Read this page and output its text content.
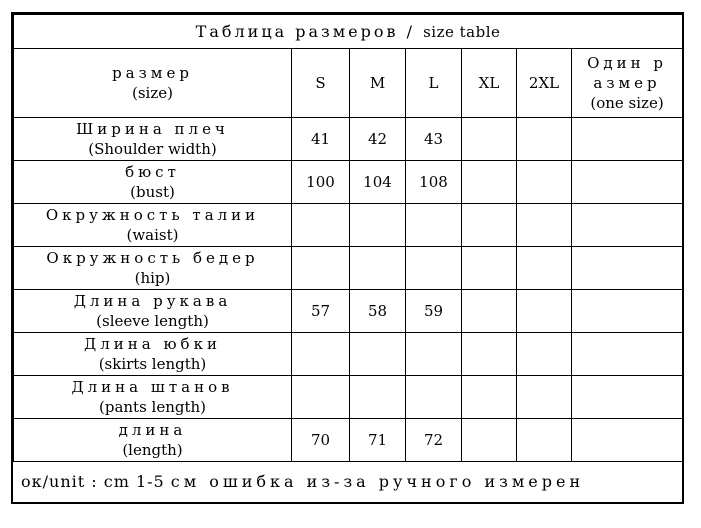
Таблица размеров / size table						

размер
(size)	S	M	L	XL	2XL	Один р
азмер
(one size)

Ширина плеч
(Shoulder width)	41	42	43			

бюст
(bust)	100	104	108			

Окружность талии
(waist)						

Окружность бедер
(hip)						

Длина рукава
(sleeve length)	57	58	59			

Длина юбки
(skirts length)						

Длина штанов
(pants length)						

длина
(length)	70	71	72			
ок/unit : cm 1-5 см ошибка из-за ручного измерен
